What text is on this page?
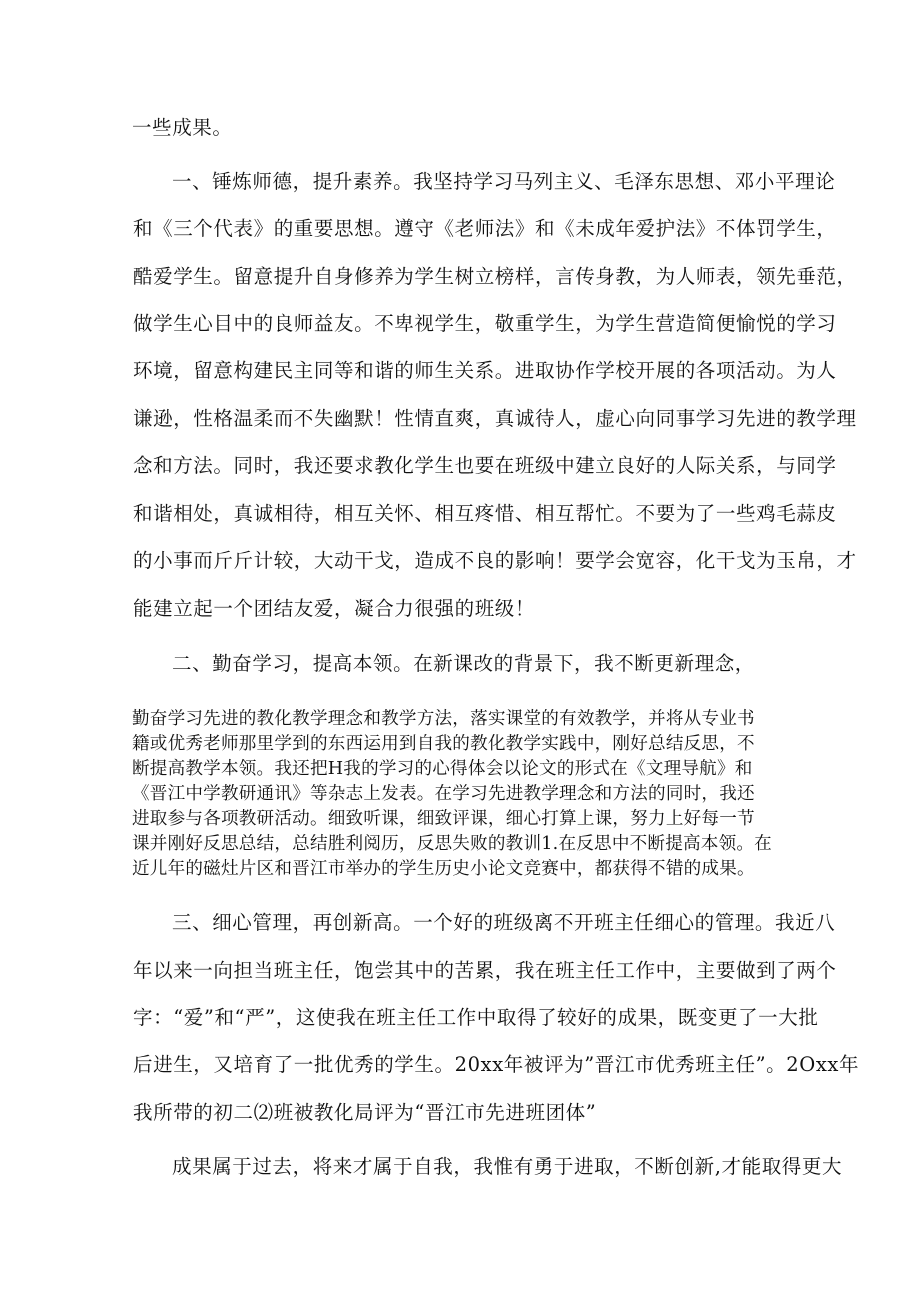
一些成果。
一、锤炼师德，提升素养。我坚持学习马列主义、毛泽东思想、邓小平理论
和《三个代表》的重要思想。遵守《老师法》和《未成年爱护法》不体罚学生，
酷爱学生。留意提升自身修养为学生树立榜样，言传身教，为人师表，领先垂范，
做学生心目中的良师益友。不卑视学生，敬重学生，为学生营造简便愉悦的学习
环境，留意构建民主同等和谐的师生关系。进取协作学校开展的各项活动。为人
谦逊，性格温柔而不失幽默！性情直爽，真诚待人，虚心向同事学习先进的教学理
念和方法。同时，我还要求教化学生也要在班级中建立良好的人际关系，与同学
和谐相处，真诚相待，相互关怀、相互疼惜、相互帮忙。不要为了一些鸡毛蒜皮
的小事而斤斤计较，大动干戈，造成不良的影响！要学会宽容，化干戈为玉帛，才
能建立起一个团结友爱，凝合力很强的班级！
二、勤奋学习，提高本领。在新课改的背景下，我不断更新理念，
勤奋学习先进的教化教学理念和教学方法，落实课堂的有效教学，并将从专业书
籍或优秀老师那里学到的东西运用到自我的教化教学实践中，刚好总结反思，不
断提高教学本领。我还把H我的学习的心得体会以论文的形式在《文理导航》和
《晋江中学教研通讯》等杂志上发表。在学习先进教学理念和方法的同时，我还
进取参与各项教研活动。细致听课，细致评课，细心打算上课，努力上好每一节
课并刚好反思总结，总结胜利阅历，反思失败的教训1.在反思中不断提高本领。在
近儿年的磁灶片区和晋江市举办的学生历史小论文竞赛中，都获得不错的成果。
三、细心管理，再创新高。一个好的班级离不开班主任细心的管理。我近八
年以来一向担当班主任，饱尝其中的苦累，我在班主任工作中，主要做到了两个
字：“爱”和“严”，这使我在班主任工作中取得了较好的成果，既变更了一大批
后进生，又培育了一批优秀的学生。20xx年被评为”晋江市优秀班主任”。2Oxx年
我所带的初二⑵班被教化局评为“晋江市先进班团体”
成果属于过去，将来才属于自我，我惟有勇于进取，不断创新,才能取得更大
